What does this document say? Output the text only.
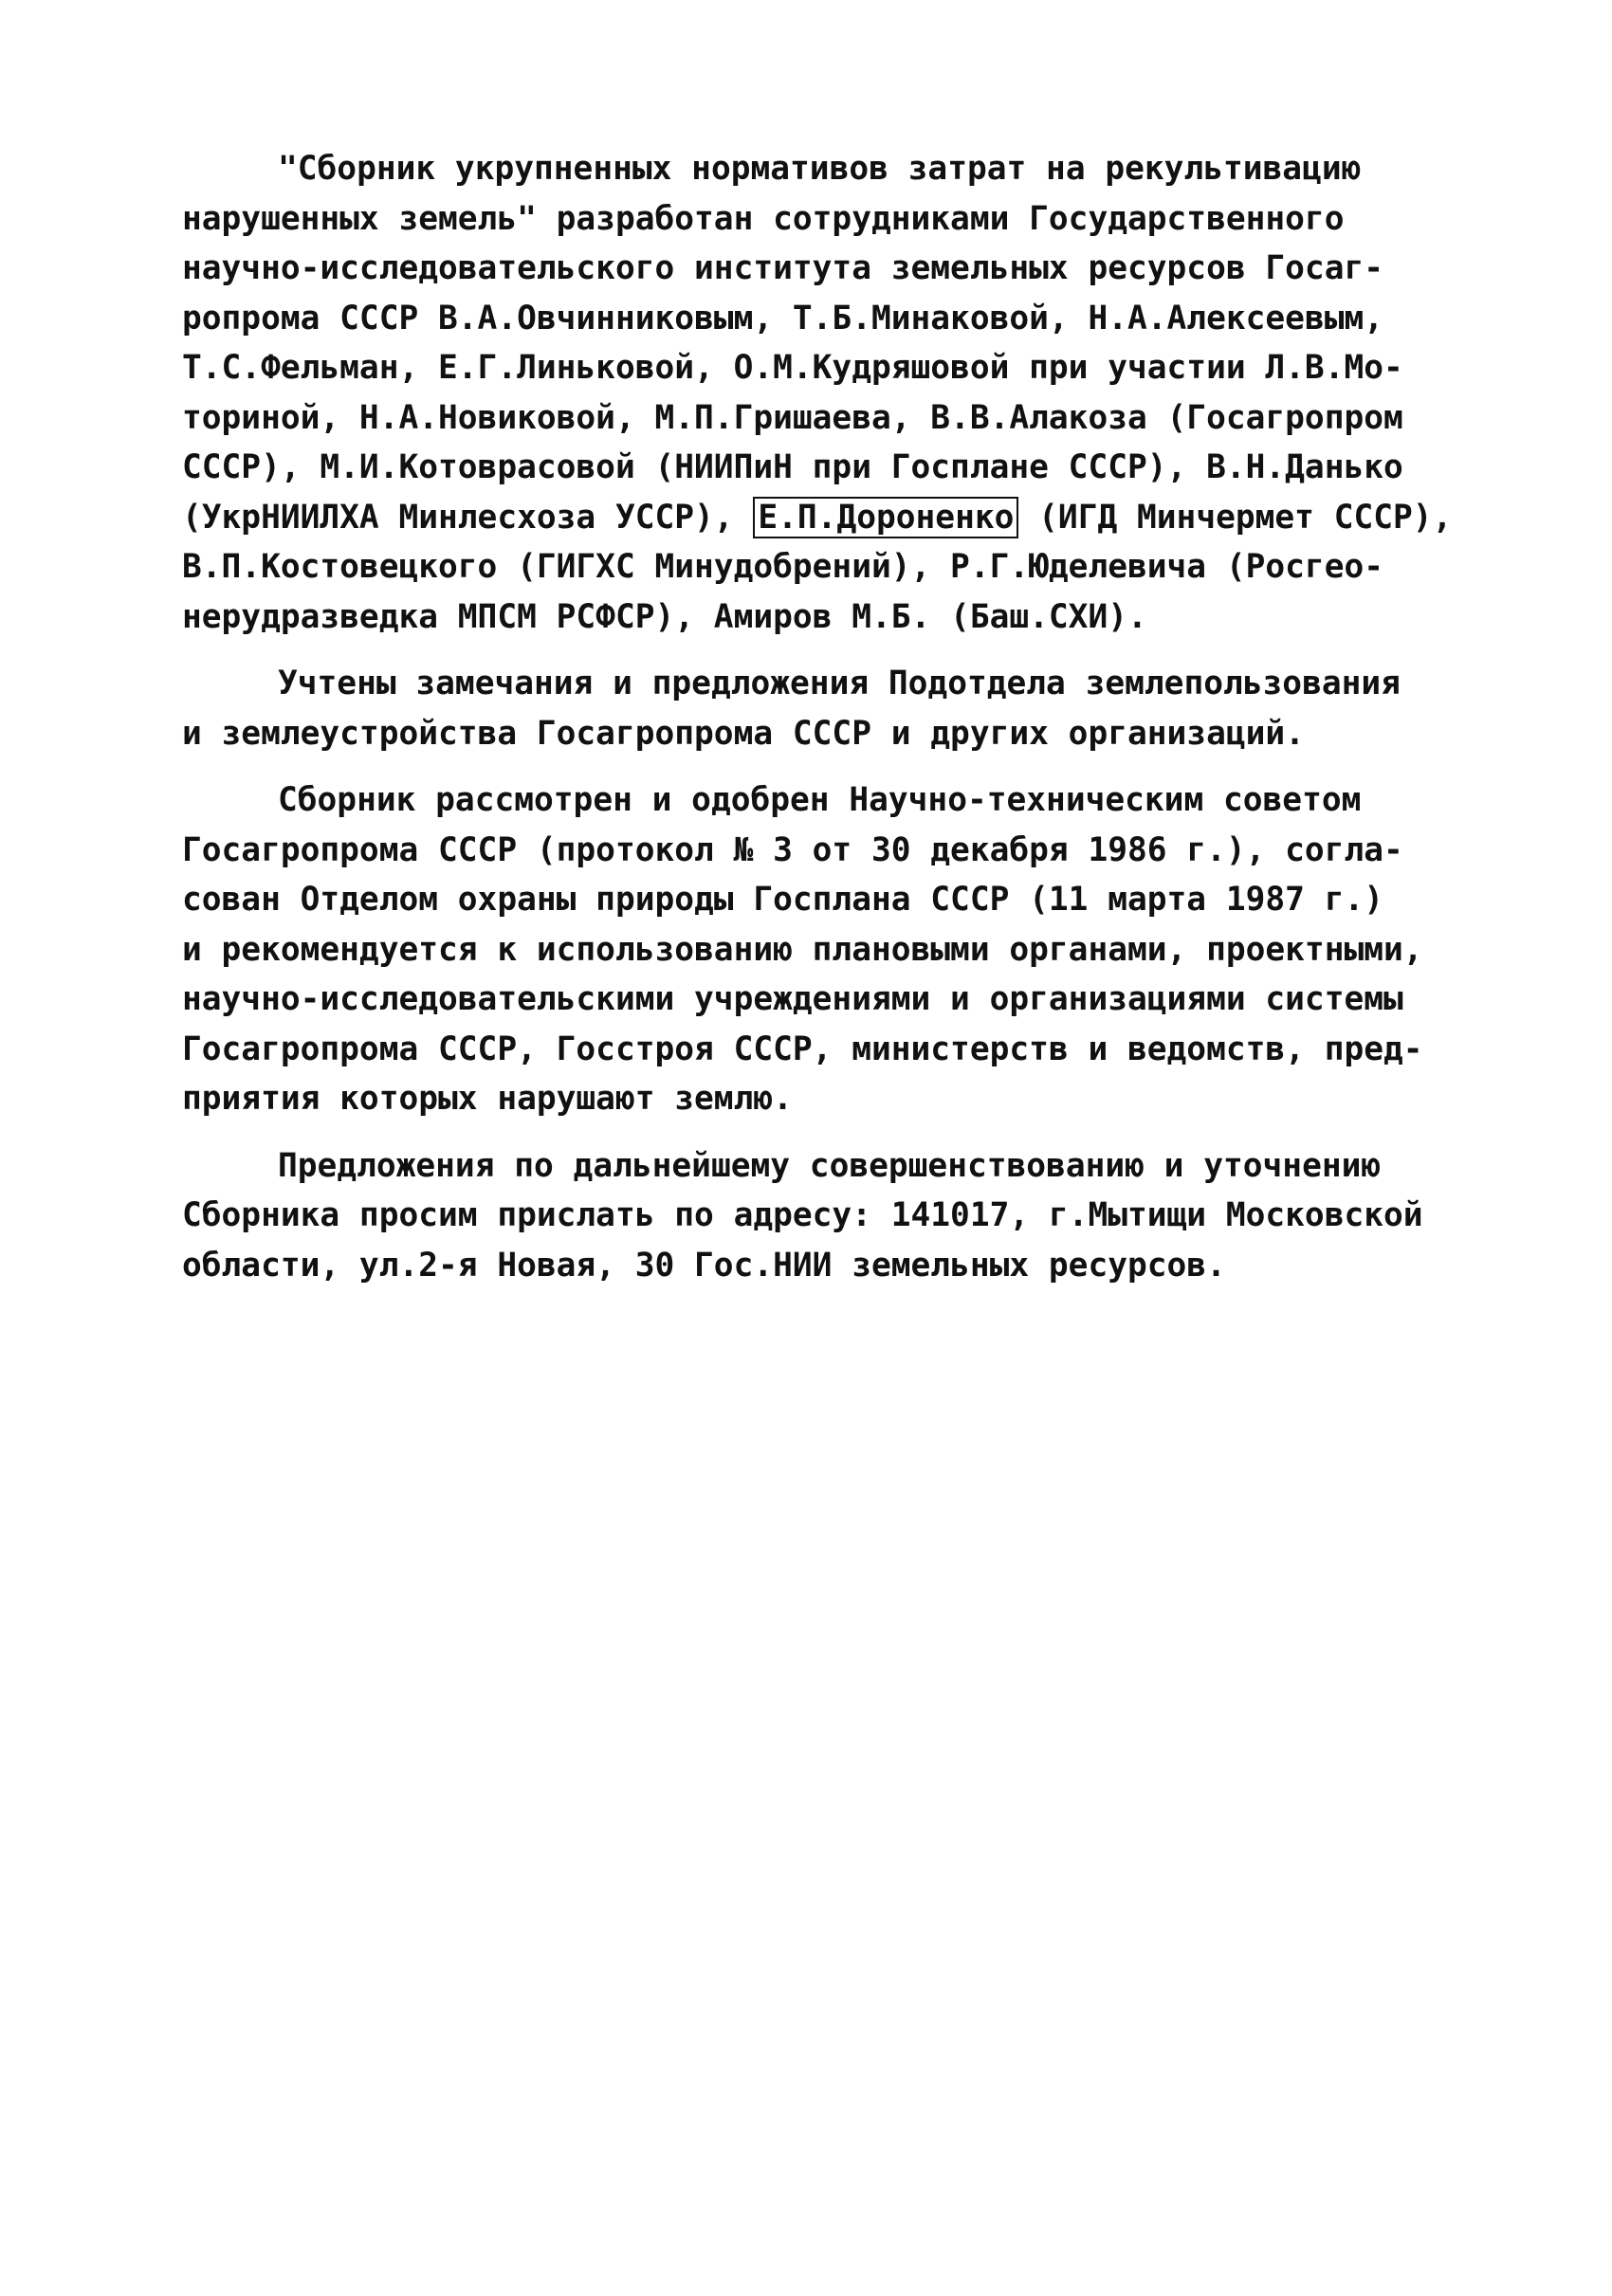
"Сборник укрупненных нормативов затрат на рекультивацию
нарушенных земель" разработан сотрудниками Государственного
научно-исследовательского института земельных ресурсов Госаг-
ропрома СССР В.А.Овчинниковым, Т.Б.Минаковой, Н.А.Алексеевым,
Т.С.Фельман, Е.Г.Линьковой, О.М.Кудряшовой при участии Л.В.Мо-
ториной, Н.А.Новиковой, М.П.Гришаева, В.В.Алакоза (Госагропром
СССР), М.И.Котоврасовой (НИИПиН при Госплане СССР), В.Н.Данько
(УкрНИИЛХА Минлесхоза УССР), Е.П.Дороненко (ИГД Минчермет СССР),
В.П.Костовецкого (ГИГХС Минудобрений), Р.Г.Юделевича (Росгео-
нерудразведка МПСМ РСФСР), Амиров М.Б. (Баш.СХИ).

Учтены замечания и предложения Подотдела землепользования
и землеустройства Госагропрома СССР и других организаций.

Сборник рассмотрен и одобрен Научно-техническим советом
Госагропрома СССР (протокол № 3 от 30 декабря 1986 г.), согла-
сован Отделом охраны природы Госплана СССР (11 марта 1987 г.)
и рекомендуется к использованию плановыми органами, проектными,
научно-исследовательскими учреждениями и организациями системы
Госагропрома СССР, Госстроя СССР, министерств и ведомств, пред-
приятия которых нарушают землю.

Предложения по дальнейшему совершенствованию и уточнению
Сборника просим прислать по адресу: 141017, г.Мытищи Московской
области, ул.2-я Новая, 30 Гос.НИИ земельных ресурсов.
